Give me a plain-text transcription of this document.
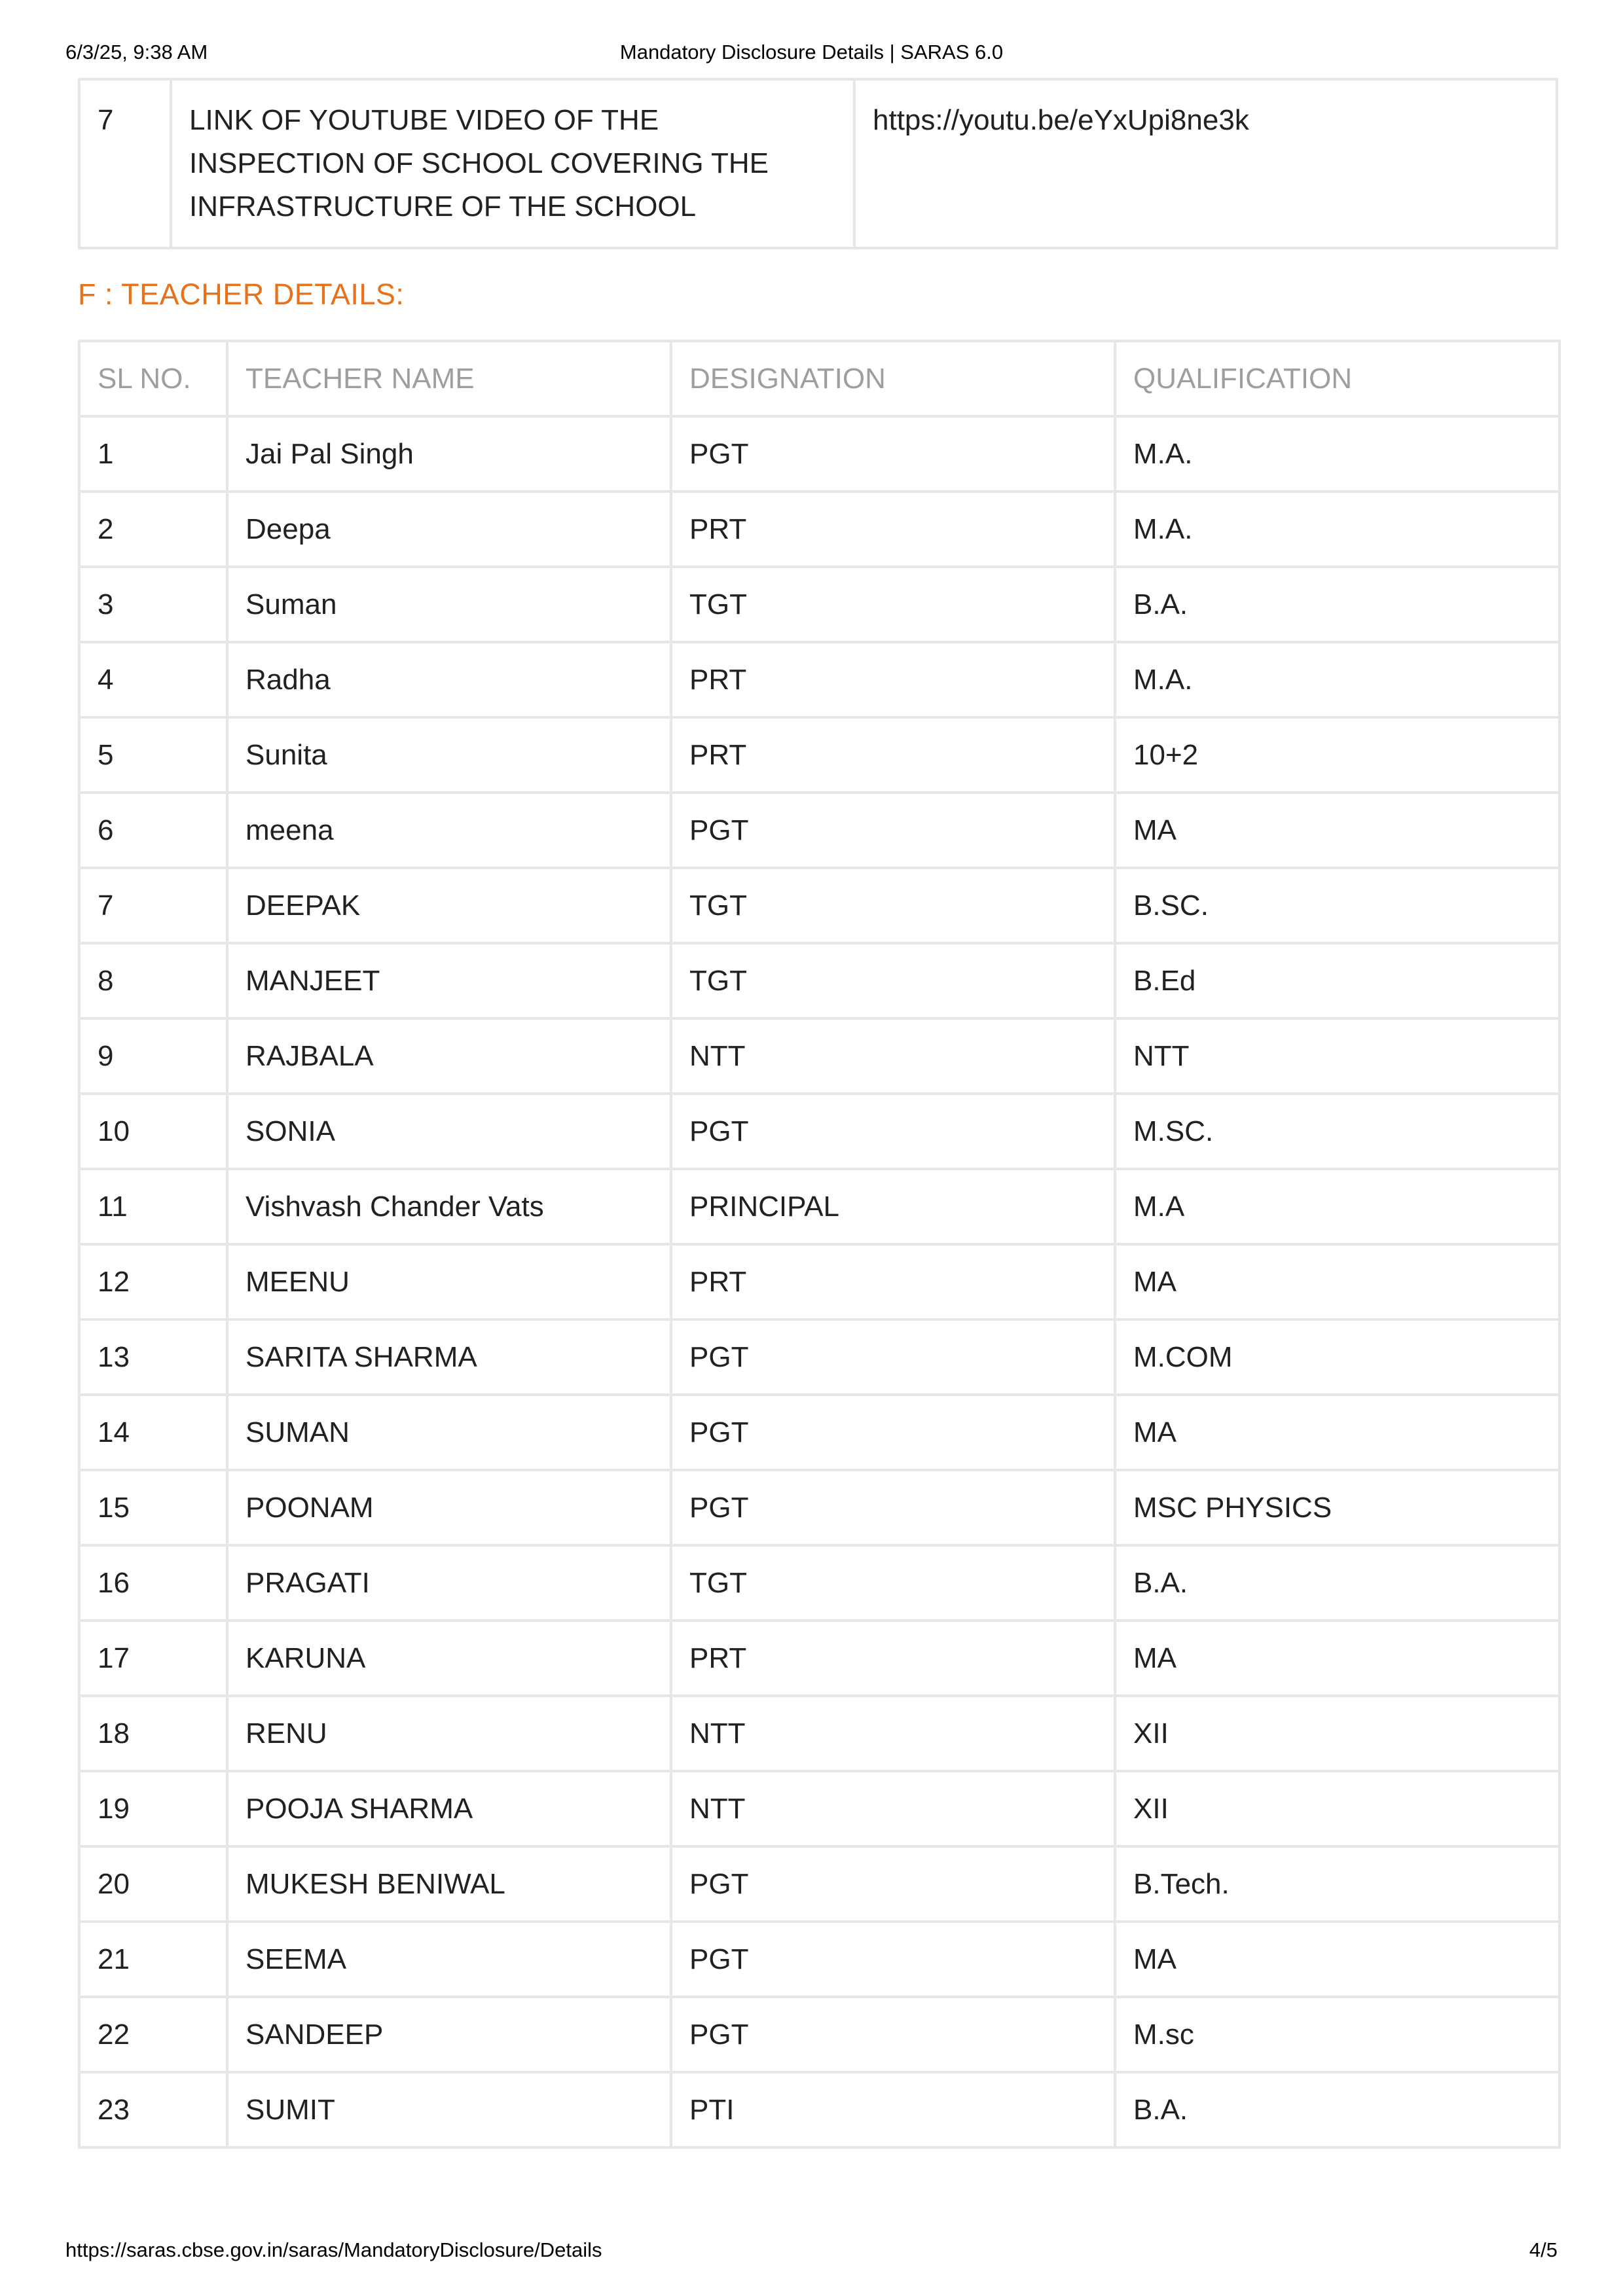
6/3/25, 9:38 AM	Mandatory Disclosure Details | SARAS 6.0
7	LINK OF YOUTUBE VIDEO OF THE INSPECTION OF SCHOOL COVERING THE INFRASTRUCTURE OF THE SCHOOL	https://youtu.be/eYxUpi8ne3k
F : TEACHER DETAILS:
SL NO.	TEACHER NAME	DESIGNATION	QUALIFICATION
1	Jai Pal Singh	PGT	M.A.
2	Deepa	PRT	M.A.
3	Suman	TGT	B.A.
4	Radha	PRT	M.A.
5	Sunita	PRT	10+2
6	meena	PGT	MA
7	DEEPAK	TGT	B.SC.
8	MANJEET	TGT	B.Ed
9	RAJBALA	NTT	NTT
10	SONIA	PGT	M.SC.
11	Vishvash Chander Vats	PRINCIPAL	M.A
12	MEENU	PRT	MA
13	SARITA SHARMA	PGT	M.COM
14	SUMAN	PGT	MA
15	POONAM	PGT	MSC PHYSICS
16	PRAGATI	TGT	B.A.
17	KARUNA	PRT	MA
18	RENU	NTT	XII
19	POOJA SHARMA	NTT	XII
20	MUKESH BENIWAL	PGT	B.Tech.
21	SEEMA	PGT	MA
22	SANDEEP	PGT	M.sc
23	SUMIT	PTI	B.A.
https://saras.cbse.gov.in/saras/MandatoryDisclosure/Details	4/5
